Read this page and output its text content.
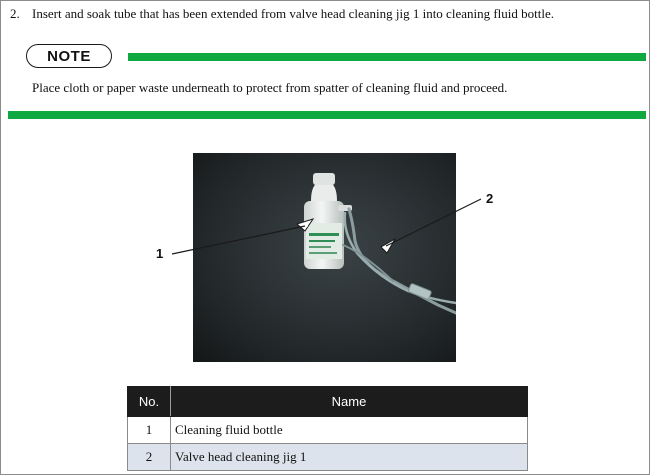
2. Insert and soak tube that has been extended from valve head cleaning jig 1 into cleaning fluid bottle.
NOTE
Place cloth or paper waste underneath to protect from spatter of cleaning fluid and proceed.
1
2
No.	Name
1	Cleaning fluid bottle
2	Valve head cleaning jig 1
